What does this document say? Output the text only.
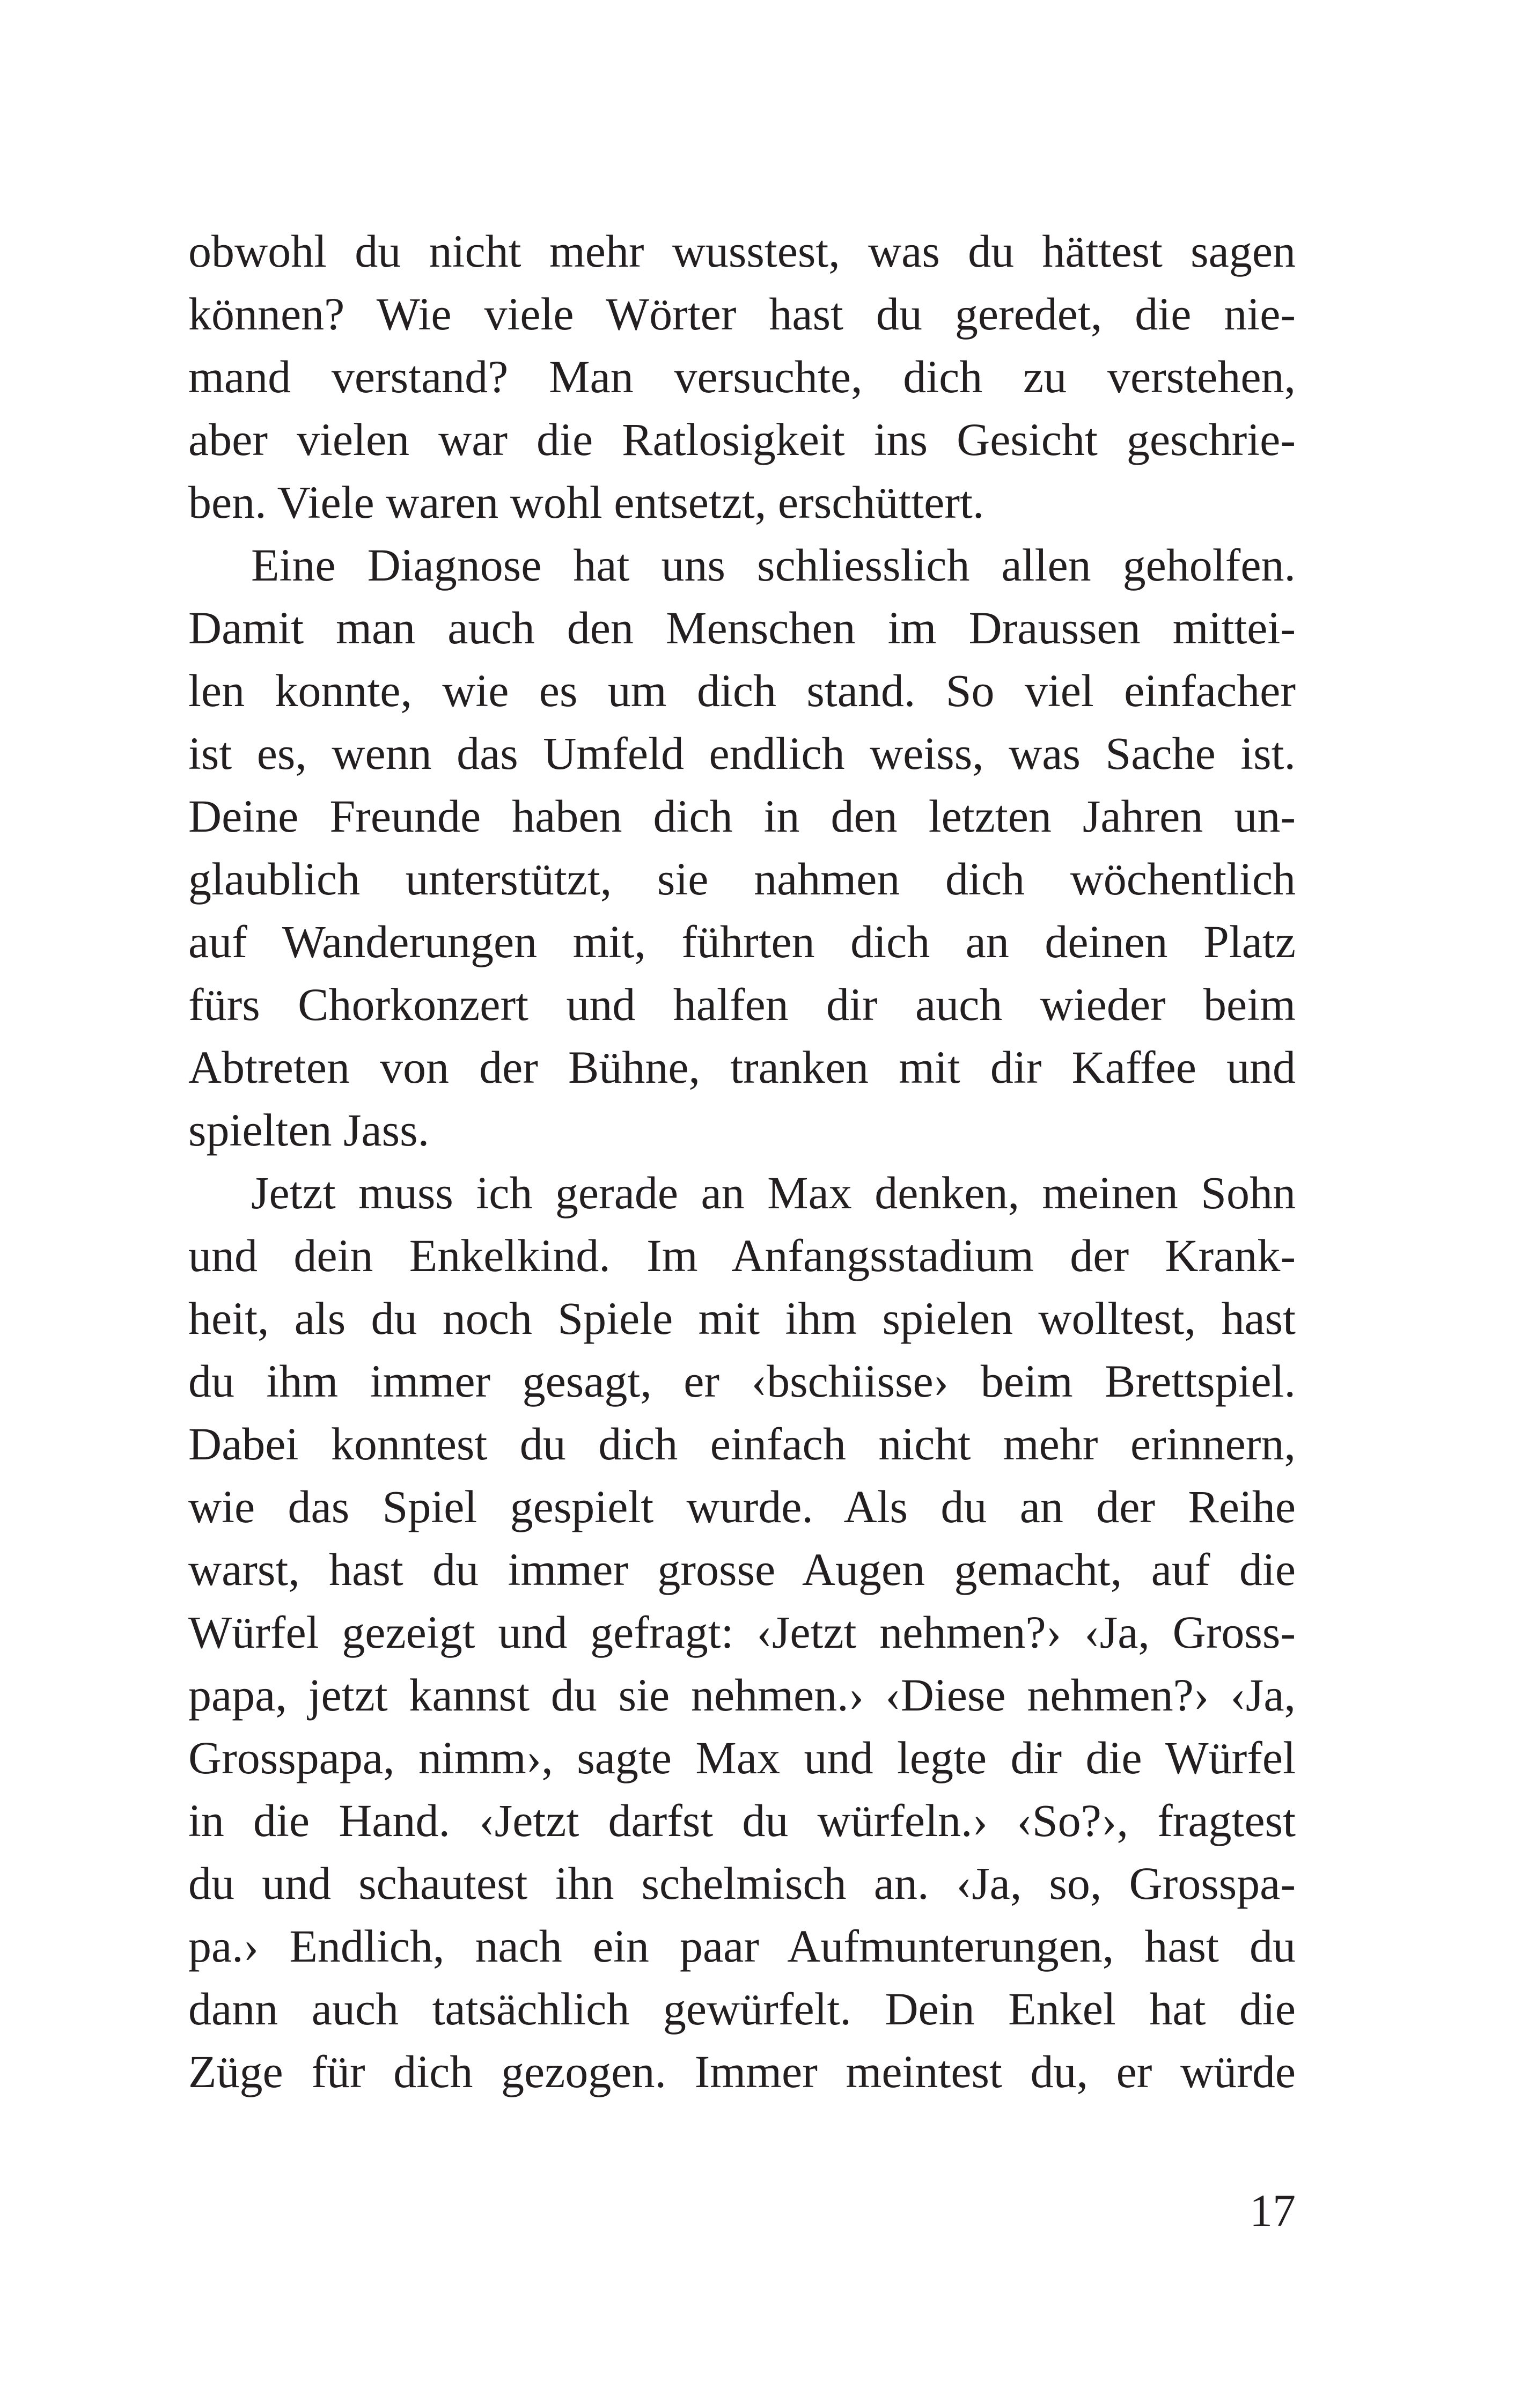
obwohl du nicht mehr wusstest, was du hättest sagen
können? Wie viele Wörter hast du geredet, die nie-
mand verstand? Man versuchte, dich zu verstehen,
aber vielen war die Ratlosigkeit ins Gesicht geschrie-
ben. Viele waren wohl entsetzt, erschüttert.
Eine Diagnose hat uns schliesslich allen geholfen.
Damit man auch den Menschen im Draussen mittei-
len konnte, wie es um dich stand. So viel einfacher
ist es, wenn das Umfeld endlich weiss, was Sache ist.
Deine Freunde haben dich in den letzten Jahren un-
glaublich unterstützt, sie nahmen dich wöchentlich
auf Wanderungen mit, führten dich an deinen Platz
fürs Chorkonzert und halfen dir auch wieder beim
Abtreten von der Bühne, tranken mit dir Kaffee und
spielten Jass.
Jetzt muss ich gerade an Max denken, meinen Sohn
und dein Enkelkind. Im Anfangsstadium der Krank-
heit, als du noch Spiele mit ihm spielen wolltest, hast
du ihm immer gesagt, er ‹bschiisse› beim Brettspiel.
Dabei konntest du dich einfach nicht mehr erinnern,
wie das Spiel gespielt wurde. Als du an der Reihe
warst, hast du immer grosse Augen gemacht, auf die
Würfel gezeigt und gefragt: ‹Jetzt nehmen?› ‹Ja, Gross-
papa, jetzt kannst du sie nehmen.› ‹Diese nehmen?› ‹Ja,
Grosspapa, nimm›, sagte Max und legte dir die Würfel
in die Hand. ‹Jetzt darfst du würfeln.› ‹So?›, fragtest
du und schautest ihn schelmisch an. ‹Ja, so, Grosspa-
pa.› Endlich, nach ein paar Aufmunterungen, hast du
dann auch tatsächlich gewürfelt. Dein Enkel hat die
Züge für dich gezogen. Immer meintest du, er würde
17
